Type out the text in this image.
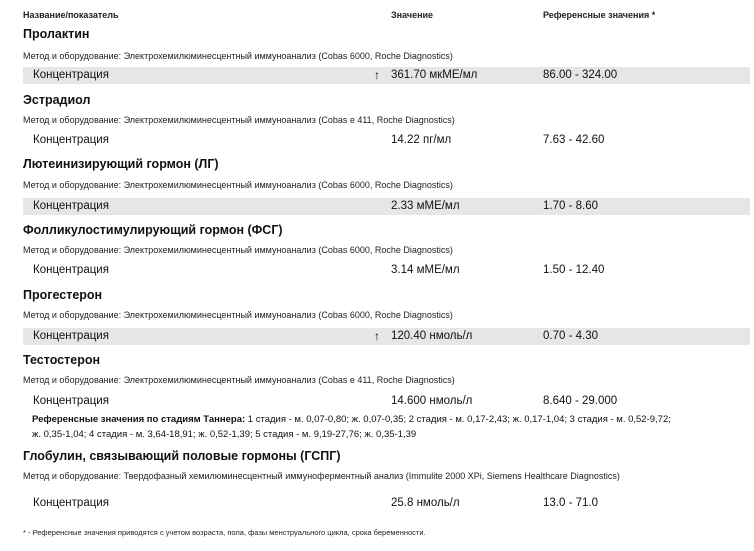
Название/показатель	Значение	Референсные значения *
Пролактин
Метод и оборудование: Электрохемилюминесцентный иммуноанализ (Cobas 6000, Roche Diagnostics)
Концентрация	↑ 361.70 мкМЕ/мл	86.00 - 324.00
Эстрадиол
Метод и оборудование: Электрохемилюминесцентный иммуноанализ (Cobas e 411, Roche Diagnostics)
Концентрация	14.22 пг/мл	7.63 - 42.60
Лютеинизирующий гормон (ЛГ)
Метод и оборудование: Электрохемилюминесцентный иммуноанализ (Cobas 6000, Roche Diagnostics)
Концентрация	2.33 мМЕ/мл	1.70 - 8.60
Фолликулостимулирующий гормон (ФСГ)
Метод и оборудование: Электрохемилюминесцентный иммуноанализ (Cobas 6000, Roche Diagnostics)
Концентрация	3.14 мМЕ/мл	1.50 - 12.40
Прогестерон
Метод и оборудование: Электрохемилюминесцентный иммуноанализ (Cobas 6000, Roche Diagnostics)
Концентрация	↑ 120.40 нмоль/л	0.70 - 4.30
Тестостерон
Метод и оборудование: Электрохемилюминесцентный иммуноанализ (Cobas e 411, Roche Diagnostics)
Концентрация	14.600 нмоль/л	8.640 - 29.000
Референсные значения по стадиям Таннера: 1 стадия - м. 0,07-0,80; ж. 0,07-0,35; 2 стадия - м. 0,17-2,43; ж. 0,17-1,04; 3 стадия - м. 0,52-9,72; ж. 0,35-1,04; 4 стадия - м. 3,64-18,91; ж. 0,52-1,39; 5 стадия - м. 9,19-27,76; ж. 0,35-1,39
Глобулин, связывающий половые гормоны (ГСПГ)
Метод и оборудование: Твердофазный хемилюминесцентный иммуноферментный анализ (Immulite 2000 XPi, Siemens Healthcare Diagnostics)
Концентрация	25.8 нмоль/л	13.0 - 71.0
* - Референсные значения приводятся с учетом возраста, пола, фазы менструального цикла, срока беременности.
